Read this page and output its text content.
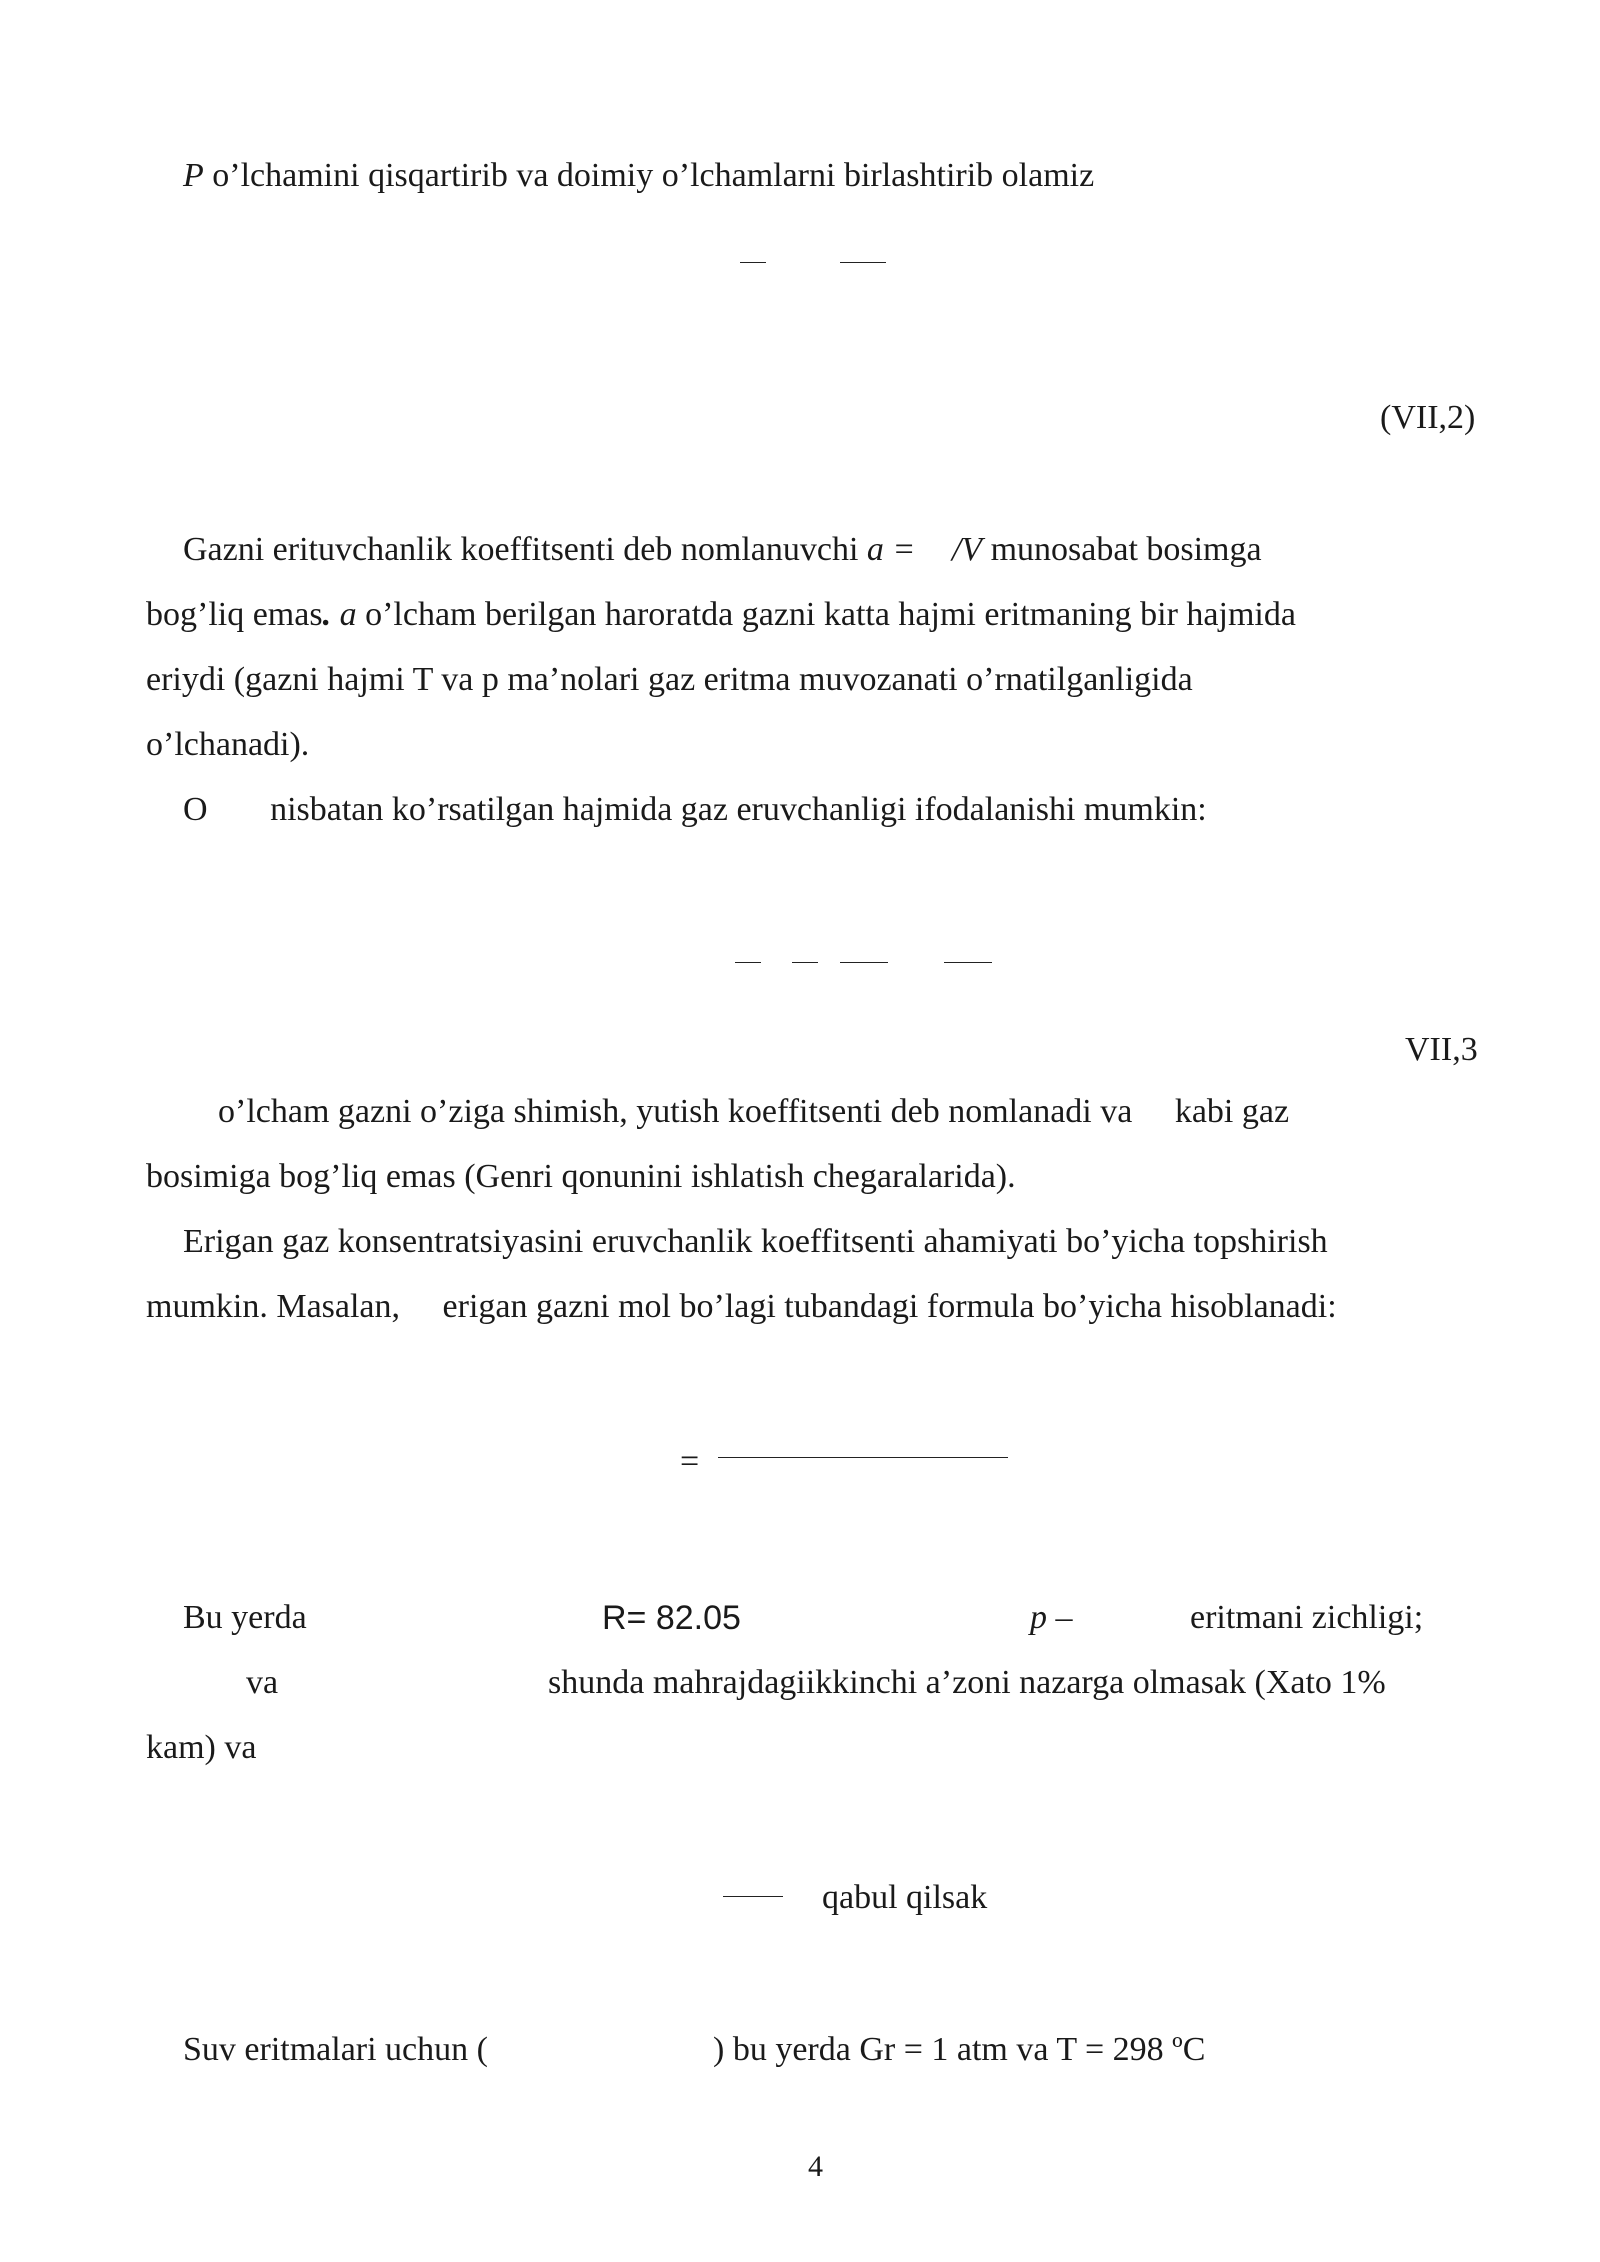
P o’lchamini qisqartirib va doimiy o’lchamlarni birlashtirib olamiz
(VII,2)
Gazni erituvchanlik koeffitsenti deb nomlanuvchi a = /V munosabat bosimga
bog’liq emas. a o’lcham berilgan haroratda gazni katta hajmi eritmaning bir hajmida
eriydi (gazni hajmi T va p ma’nolari gaz eritma muvozanati o’rnatilganligida
o’lchanadi).
O nisbatan ko’rsatilgan hajmida gaz eruvchanligi ifodalanishi mumkin:
VII,3
o’lcham gazni o’ziga shimish, yutish koeffitsenti deb nomlanadi va kabi gaz
bosimiga bog’liq emas (Genri qonunini ishlatish chegaralarida).
Erigan gaz konsentratsiyasini eruvchanlik koeffitsenti ahamiyati bo’yicha topshirish
mumkin. Masalan, erigan gazni mol bo’lagi tubandagi formula bo’yicha hisoblanadi:
=
Bu yerda	R= 82.05	p –	eritmani zichligi;
va	shunda mahrajdagiikkinchi a’zoni nazarga olmasak (Xato 1%
kam) va
qabul qilsak
Suv eritmalari uchun (	) bu yerda Gr = 1 atm va T = 298 ºC
4
